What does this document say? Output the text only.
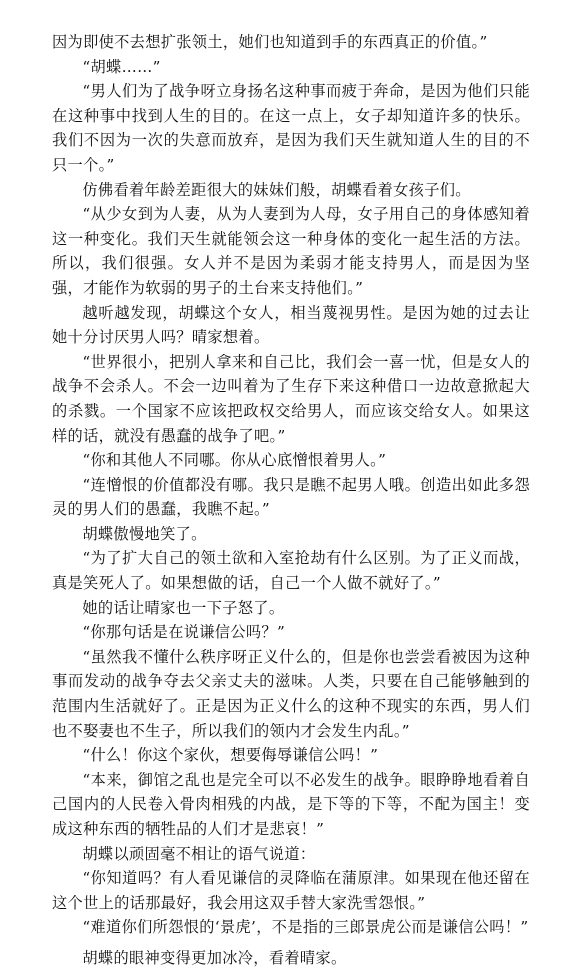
因为即使不去想扩张领土，她们也知道到手的东西真正的价值。”

“胡蝶……”

“男人们为了战争呀立身扬名这种事而疲于奔命，是因为他们只能在这种事中找到人生的目的。在这一点上，女子却知道许多的快乐。我们不因为一次的失意而放弃，是因为我们天生就知道人生的目的不只一个。”

仿佛看着年龄差距很大的妹妹们般，胡蝶看着女孩子们。

“从少女到为人妻，从为人妻到为人母，女子用自己的身体感知着这一种变化。我们天生就能领会这一种身体的变化一起生活的方法。所以，我们很强。女人并不是因为柔弱才能支持男人，而是因为坚强，才能作为软弱的男子的土台来支持他们。”

越听越发现，胡蝶这个女人，相当蔑视男性。是因为她的过去让她十分讨厌男人吗？晴家想着。

“世界很小，把别人拿来和自己比，我们会一喜一忧，但是女人的战争不会杀人。不会一边叫着为了生存下来这种借口一边故意掀起大的杀戮。一个国家不应该把政权交给男人，而应该交给女人。如果这样的话，就没有愚蠢的战争了吧。”

“你和其他人不同哪。你从心底憎恨着男人。”

“连憎恨的价值都没有哪。我只是瞧不起男人哦。创造出如此多怨灵的男人们的愚蠢，我瞧不起。”

胡蝶傲慢地笑了。

“为了扩大自己的领土欲和入室抢劫有什么区别。为了正义而战，真是笑死人了。如果想做的话，自己一个人做不就好了。”

她的话让晴家也一下子怒了。

“你那句话是在说谦信公吗？”

“虽然我不懂什么秩序呀正义什么的，但是你也尝尝看被因为这种事而发动的战争夺去父亲丈夫的滋味。人类，只要在自己能够触到的范围内生活就好了。正是因为正义什么的这种不现实的东西，男人们也不娶妻也不生子，所以我们的领内才会发生内乱。”

“什么！你这个家伙，想要侮辱谦信公吗！”

“本来，御馆之乱也是完全可以不必发生的战争。眼睁睁地看着自己国内的人民卷入骨肉相残的内战，是下等的下等，不配为国主！变成这种东西的牺牲品的人们才是悲哀！”

胡蝶以顽固毫不相让的语气说道：

“你知道吗？有人看见谦信的灵降临在蒲原津。如果现在他还留在这个世上的话那最好，我会用这双手替大家洗雪怨恨。”

“难道你们所怨恨的‘景虎’，不是指的三郎景虎公而是谦信公吗！”

胡蝶的眼神变得更加冰冷，看着晴家。
